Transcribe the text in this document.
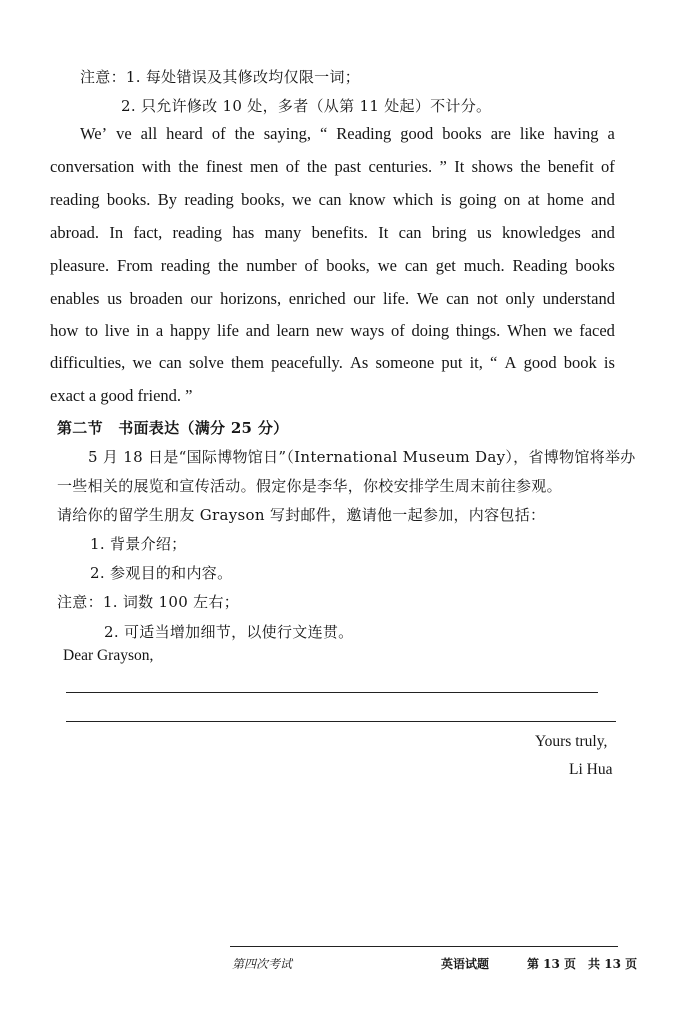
注意：1. 每处错误及其修改均仅限一词；
2. 只允许修改 10 处，多者（从第 11 处起）不计分。
We’ ve all heard of the saying, “ Reading good books are like having a
conversation with the finest men of the past centuries. ” It shows the benefit of
reading books. By reading books, we can know which is going on at home and
abroad. In fact, reading has many benefits. It can bring us knowledges and
pleasure. From reading the number of books, we can get much. Reading books
enables us broaden our horizons, enriched our life. We can not only understand
how to live in a happy life and learn new ways of doing things. When we faced
difficulties, we can solve them peacefully. As someone put it, “ A good book is
exact a good friend. ”
第二节　书面表达（满分 25 分）
5 月 18 日是“国际博物馆日”（International Museum Day），省博物馆将举办
一些相关的展览和宣传活动。假定你是李华，你校安排学生周末前往参观。
请给你的留学生朋友 Grayson 写封邮件，邀请他一起参加，内容包括：
1. 背景介绍；
2. 参观目的和内容。
注意：1. 词数 100 左右；
2. 可适当增加细节，以使行文连贯。
Dear Grayson,
Yours truly,
Li Hua
第四次考试	英语试题	第 13 页　共 13 页
